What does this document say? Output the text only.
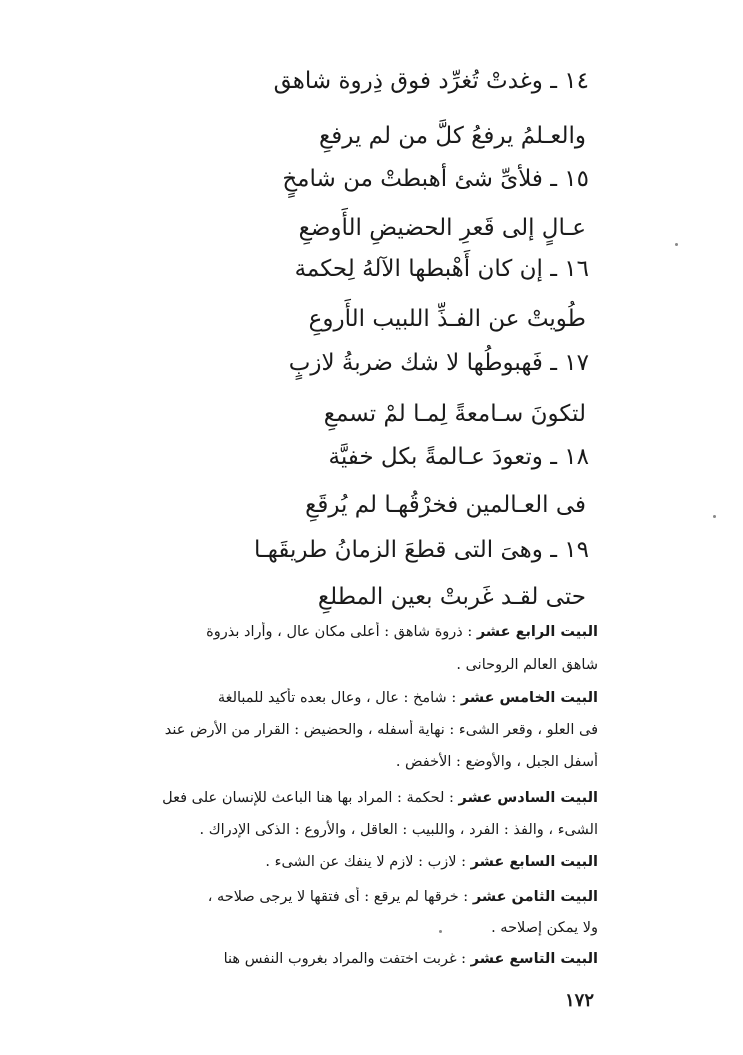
١٤ ـ وغدتْ تُغرِّد فوق ذِروة شاهق
والعـلمُ يرفعُ كلَّ من لم يرفعِ
١٥ ـ فلأىِّ شئ أهبطتْ من شامخٍ
عـالٍ إلى قَعرِ الحضيضِ الأَوضعِ
١٦ ـ إن كان أَهْبطها الآلهُ لِحكمة
طُويتْ عن الفـذِّ اللبيب الأَروعِ
١٧ ـ فَهبوطُها لا شك ضربةُ لازبٍ
لتكونَ سـامعةً لِمـا لمْ تسمعِ
١٨ ـ وتعودَ عـالمةً بكل خفيَّة
فى العـالمين فخرْقُهـا لم يُرقَعِ
١٩ ـ وهىَ التى قطعَ الزمانُ طريقَهـا
حتى لقـد غَربتْ بعين المطلعِ
البيت الرابع عشر : ذروة شاهق : أعلى مكان عال ، وأراد بذروة
شاهق العالم الروحانى .
البيت الخامس عشر : شامخ : عال ، وعال بعده تأكيد للمبالغة
فى العلو ، وقعر الشىء : نهاية أسفله ، والحضيض : القرار من الأرض عند
أسفل الجبل ، والأوضع : الأخفض .
البيت السادس عشر : لحكمة : المراد بها هنا الباعث للإنسان على فعل
الشىء ، والفذ : الفرد ، واللبيب : العاقل ، والأروع : الذكى الإدراك .
البيت السابع عشر : لازب : لازم لا ينفك عن الشىء .
البيت الثامن عشر : خرقها لم يرقع : أى فتقها لا يرجى صلاحه ،
ولا يمكن إصلاحه .
البيت التاسع عشر : غربت اختفت والمراد بغروب النفس هنا
١٧٢
